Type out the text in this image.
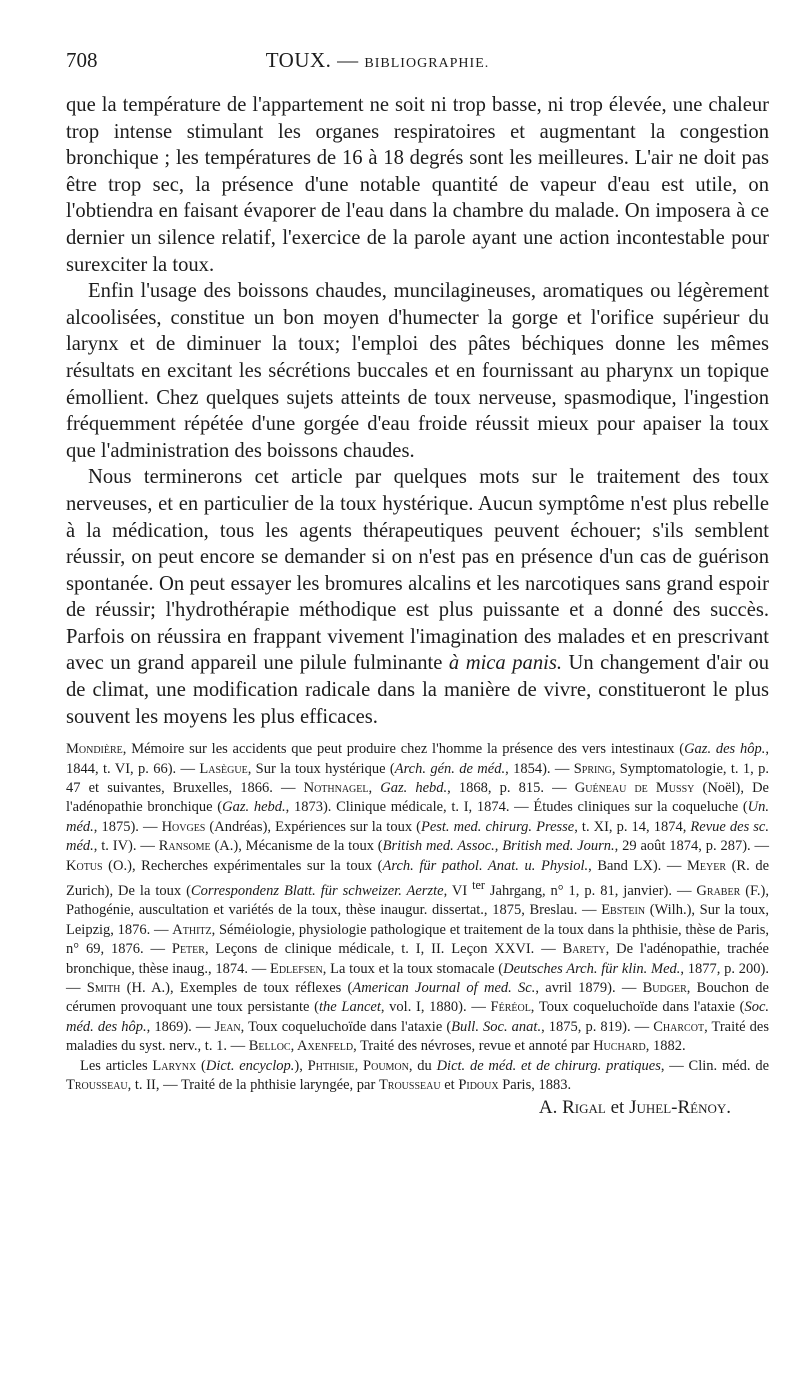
708	TOUX. — BIBLIOGRAPHIE.

que la température de l'appartement ne soit ni trop basse, ni trop élevée, une chaleur trop intense stimulant les organes respiratoires et augmentant la congestion bronchique ; les températures de 16 à 18 degrés sont les meilleures. L'air ne doit pas être trop sec, la présence d'une notable quantité de vapeur d'eau est utile, on l'obtiendra en faisant évaporer de l'eau dans la chambre du malade. On imposera à ce dernier un silence relatif, l'exercice de la parole ayant une action incontestable pour surexciter la toux.

Enfin l'usage des boissons chaudes, muncilagineuses, aromatiques ou légèrement alcoolisées, constitue un bon moyen d'humecter la gorge et l'orifice supérieur du larynx et de diminuer la toux; l'emploi des pâtes béchiques donne les mêmes résultats en excitant les sécrétions buccales et en fournissant au pharynx un topique émollient. Chez quelques sujets atteints de toux nerveuse, spasmodique, l'ingestion fréquemment répétée d'une gorgée d'eau froide réussit mieux pour apaiser la toux que l'administration des boissons chaudes.

Nous terminerons cet article par quelques mots sur le traitement des toux nerveuses, et en particulier de la toux hystérique. Aucun symptôme n'est plus rebelle à la médication, tous les agents thérapeutiques peuvent échouer; s'ils semblent réussir, on peut encore se demander si on n'est pas en présence d'un cas de guérison spontanée. On peut essayer les bromures alcalins et les narcotiques sans grand espoir de réussir; l'hydrothérapie méthodique est plus puissante et a donné des succès. Parfois on réussira en frappant vivement l'imagination des malades et en prescrivant avec un grand appareil une pilule fulminante à mica panis. Un changement d'air ou de climat, une modification radicale dans la manière de vivre, constitueront le plus souvent les moyens les plus efficaces.

Mondière, Mémoire sur les accidents que peut produire chez l'homme la présence des vers intestinaux (Gaz. des hôp., 1844, t. VI, p. 66). — Lasègue, Sur la toux hystérique (Arch. gén. de méd., 1854). — Spring, Symptomatologie, t. 1, p. 47 et suivantes, Bruxelles, 1866. — Nothnagel, Gaz. hebd., 1868, p. 815. — Guéneau de Mussy (Noël), De l'adénopathie bronchique (Gaz. hebd., 1873). Clinique médicale, t. I, 1874. — Études cliniques sur la coqueluche (Un. méd., 1875). — Hovges (Andréas), Expériences sur la toux (Pest. med. chirurg. Presse, t. XI, p. 14, 1874, Revue des sc. méd., t. IV). — Ransome (A.), Mécanisme de la toux (British med. Assoc., British med. Journ., 29 août 1874, p. 287). — Kotus (O.), Recherches expérimentales sur la toux (Arch. für pathol. Anat. u. Physiol., Band LX). — Meyer (R. de Zurich), De la toux (Correspondenz Blatt. für schweizer. Aerzte, VI $^{ter}$ Jahrgang, n° 1, p. 81, janvier). — Graber (F.), Pathogénie, auscultation et variétés de la toux, thèse inaugur. dissertat., 1875, Breslau. — Ebstein (Wilh.), Sur la toux, Leipzig, 1876. — Athitz, Séméiologie, physiologie pathologique et traitement de la toux dans la phthisie, thèse de Paris, n° 69, 1876. — Peter, Leçons de clinique médicale, t. I, II. Leçon XXVI. — Barety, De l'adénopathie, trachée bronchique, thèse inaug., 1874. — Edlefsen, La toux et la toux stomacale (Deutsches Arch. für klin. Med., 1877, p. 200). — Smith (H. A.), Exemples de toux réflexes (American Journal of med. Sc., avril 1879). — Budger, Bouchon de cérumen provoquant une toux persistante (the Lancet, vol. I, 1880). — Féréol, Toux coqueluchoïde dans l'ataxie (Soc. méd. des hôp., 1869). — Jean, Toux coqueluchoïde dans l'ataxie (Bull. Soc. anat., 1875, p. 819). — Charcot, Traité des maladies du syst. nerv., t. 1. — Belloc, Axenfeld, Traité des névroses, revue et annoté par Huchard, 1882.

Les articles Larynx (Dict. encyclop.), Phthisie, Poumon, du Dict. de méd. et de chirurg. pratiques, — Clin. méd. de Trousseau, t. II, — Traité de la phthisie laryngée, par Trousseau et Pidoux Paris, 1883.

A. Rigal et Juhel-Rénoy.
